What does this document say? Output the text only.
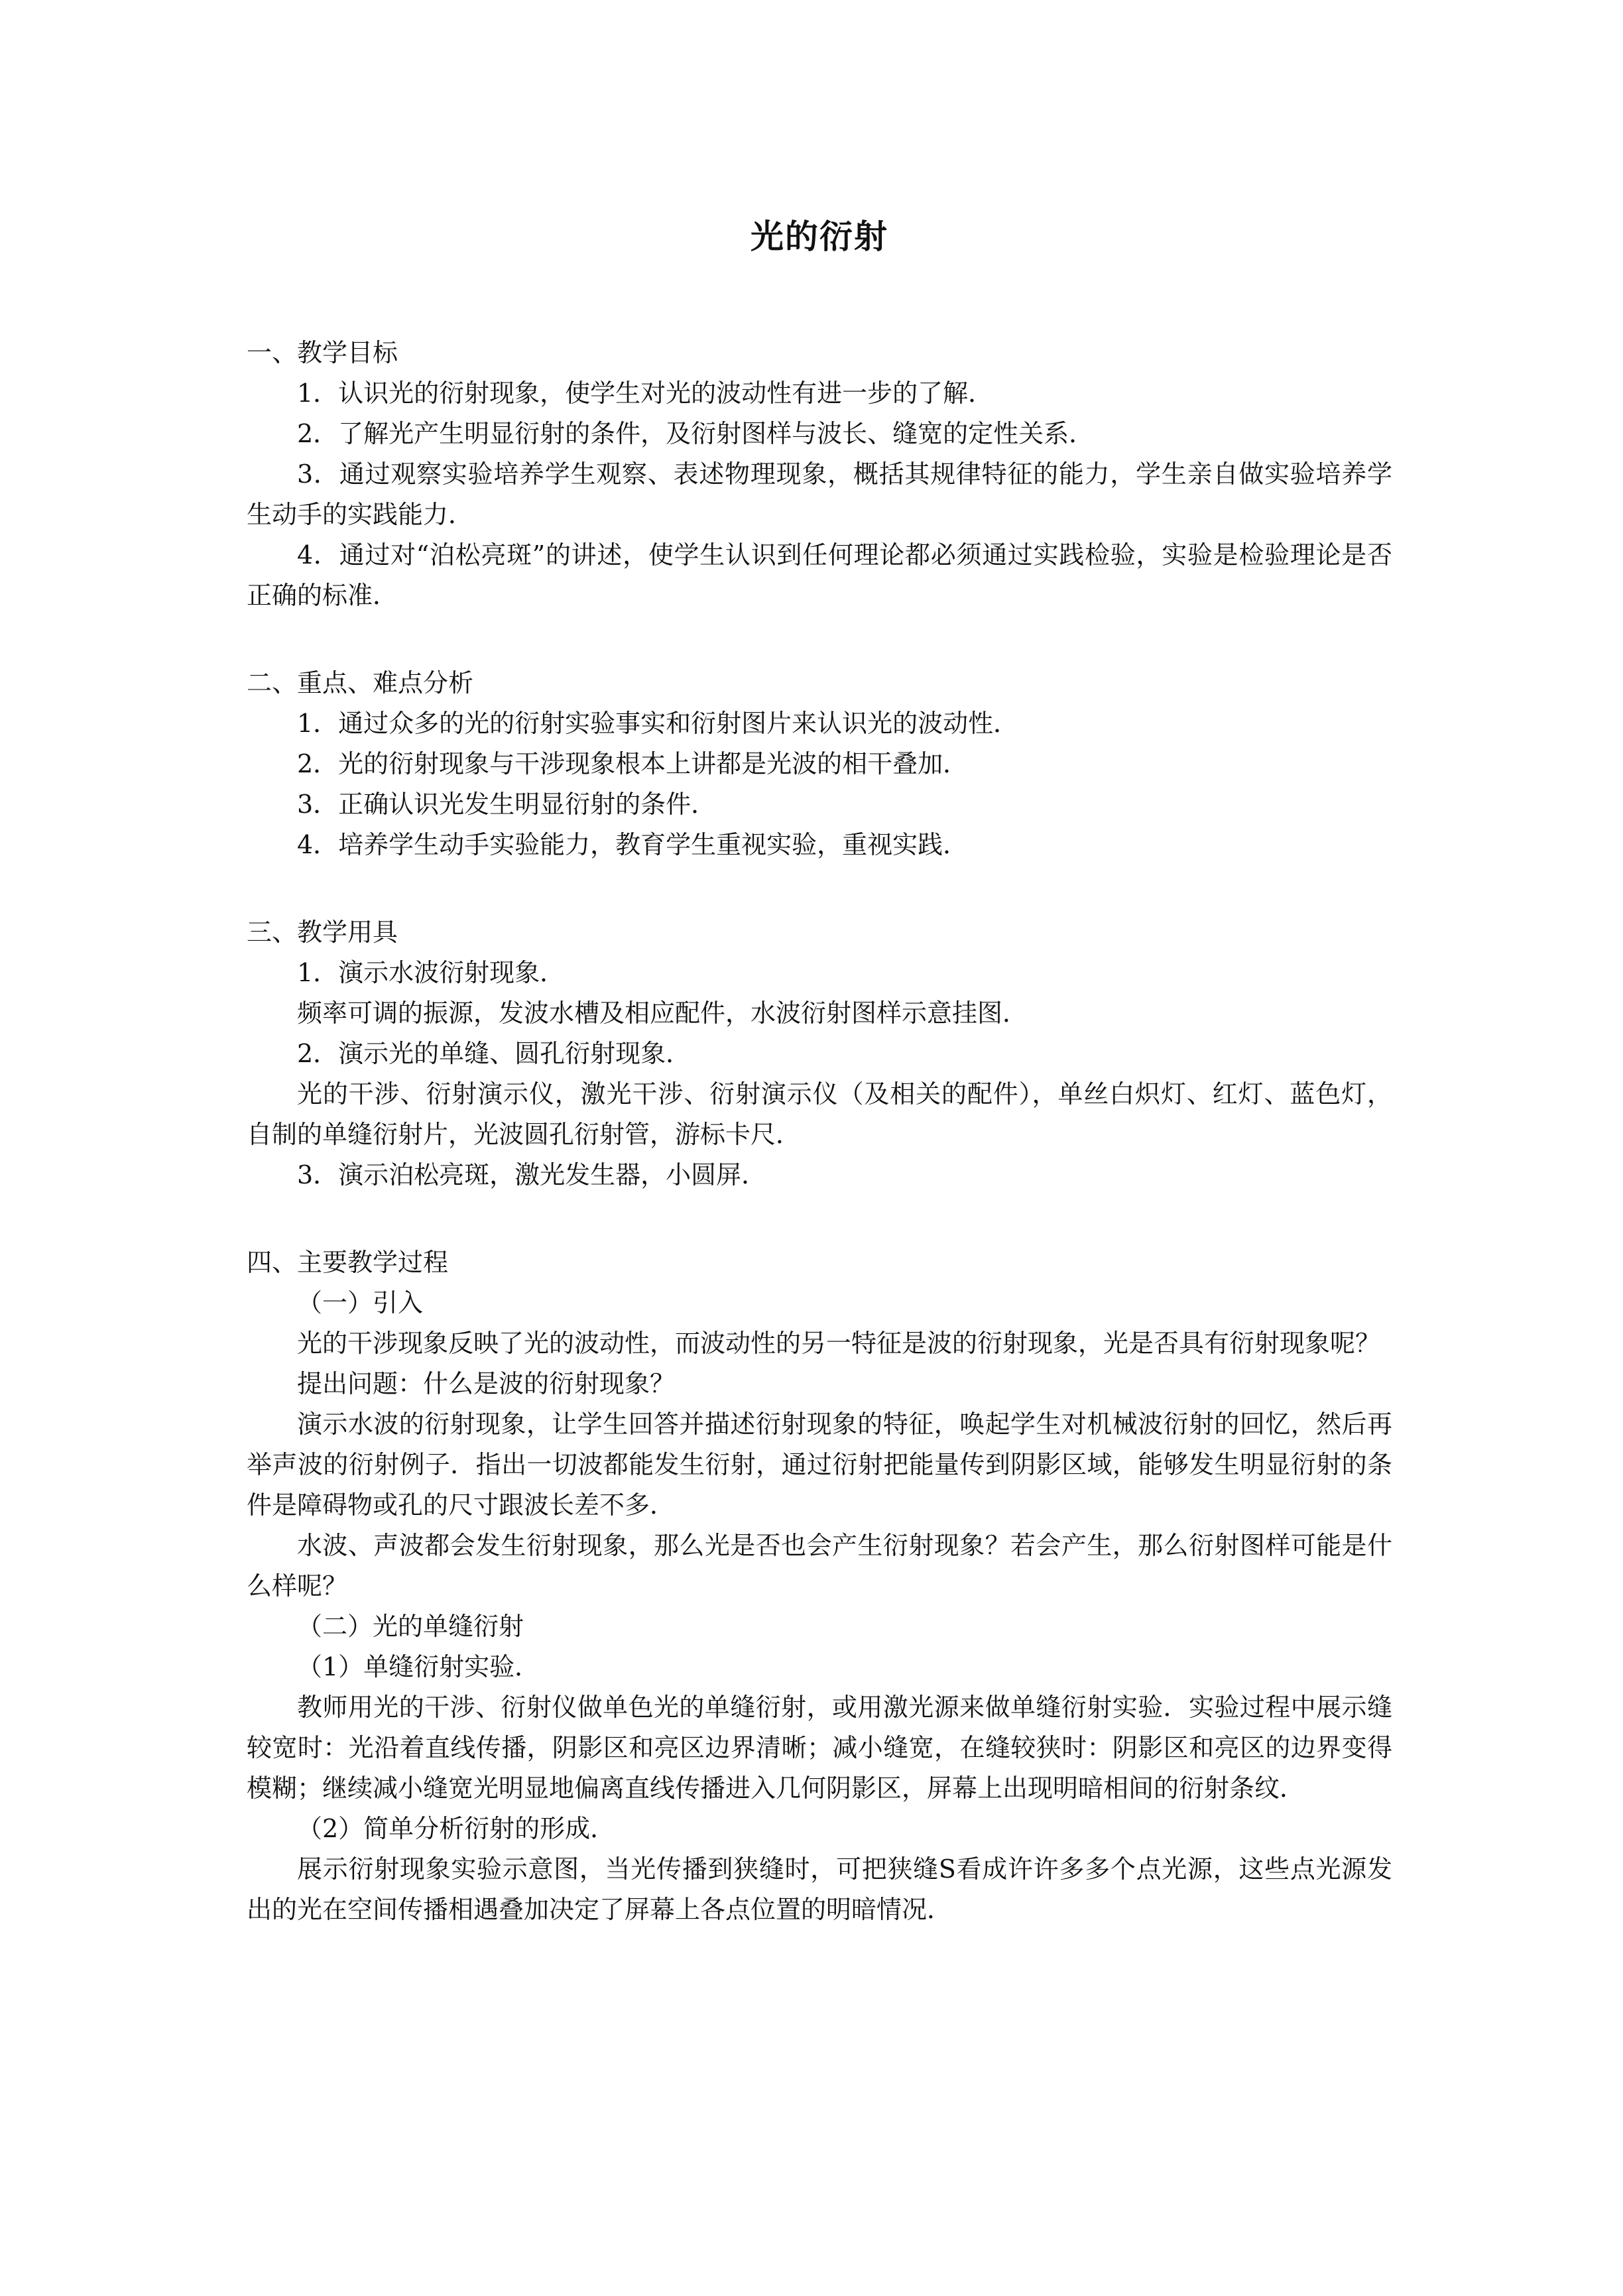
光的衍射

一、教学目标

1．认识光的衍射现象，使学生对光的波动性有进一步的了解．

2．了解光产生明显衍射的条件，及衍射图样与波长、缝宽的定性关系．

3．通过观察实验培养学生观察、表述物理现象，概括其规律特征的能力，学生亲自做实验培养学生动手的实践能力．

4．通过对“泊松亮斑”的讲述，使学生认识到任何理论都必须通过实践检验，实验是检验理论是否正确的标准．

二、重点、难点分析

1．通过众多的光的衍射实验事实和衍射图片来认识光的波动性．

2．光的衍射现象与干涉现象根本上讲都是光波的相干叠加．

3．正确认识光发生明显衍射的条件．

4．培养学生动手实验能力，教育学生重视实验，重视实践．

三、教学用具

1．演示水波衍射现象．

频率可调的振源，发波水槽及相应配件，水波衍射图样示意挂图．

2．演示光的单缝、圆孔衍射现象．

光的干涉、衍射演示仪，激光干涉、衍射演示仪（及相关的配件），单丝白炽灯、红灯、蓝色灯，自制的单缝衍射片，光波圆孔衍射管，游标卡尺．

3．演示泊松亮斑，激光发生器，小圆屏．

四、主要教学过程

（一）引入

光的干涉现象反映了光的波动性，而波动性的另一特征是波的衍射现象，光是否具有衍射现象呢？

提出问题：什么是波的衍射现象？

演示水波的衍射现象，让学生回答并描述衍射现象的特征，唤起学生对机械波衍射的回忆，然后再举声波的衍射例子．指出一切波都能发生衍射，通过衍射把能量传到阴影区域，能够发生明显衍射的条件是障碍物或孔的尺寸跟波长差不多．

水波、声波都会发生衍射现象，那么光是否也会产生衍射现象？若会产生，那么衍射图样可能是什么样呢？

（二）光的单缝衍射

（1）单缝衍射实验．

教师用光的干涉、衍射仪做单色光的单缝衍射，或用激光源来做单缝衍射实验．实验过程中展示缝较宽时：光沿着直线传播，阴影区和亮区边界清晰；减小缝宽，在缝较狭时：阴影区和亮区的边界变得模糊；继续减小缝宽光明显地偏离直线传播进入几何阴影区，屏幕上出现明暗相间的衍射条纹．

（2）简单分析衍射的形成．

展示衍射现象实验示意图，当光传播到狭缝时，可把狭缝S看成许许多多个点光源，这些点光源发出的光在空间传播相遇叠加决定了屏幕上各点位置的明暗情况．
